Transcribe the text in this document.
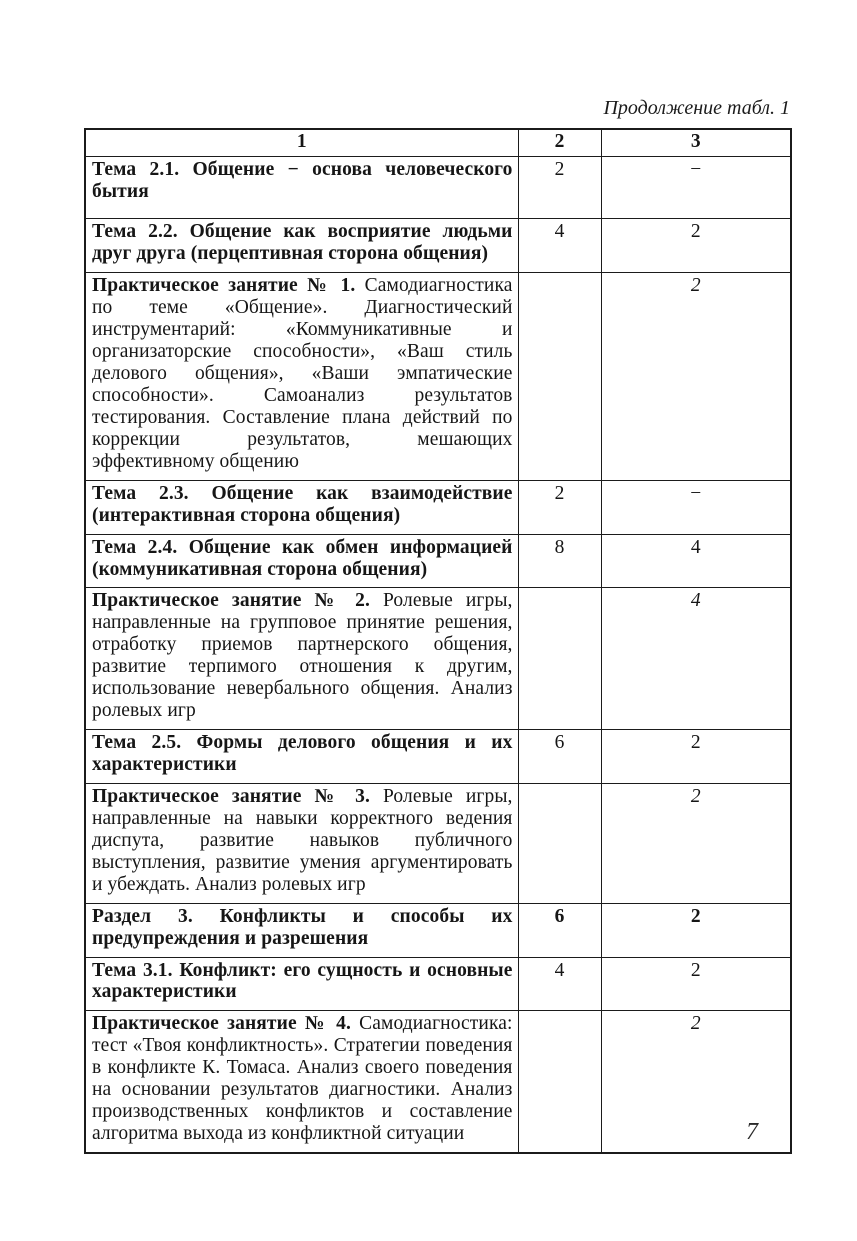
Продолжение табл. 1
1	2	3
Тема 2.1. Общение − основа человеческого бытия	2	−
Тема 2.2. Общение как восприятие людьми друг друга (перцептивная сторона общения)	4	2
Практическое занятие № 1. Самодиагностика по теме «Общение». Диагностический инструментарий: «Коммуникативные и организаторские способности», «Ваш стиль делового общения», «Ваши эмпатические способности». Самоанализ результатов тестирования. Составление плана действий по коррекции результатов, мешающих эффективному общению		2
Тема 2.3. Общение как взаимодействие (интерактивная сторона общения)	2	−
Тема 2.4. Общение как обмен информацией (коммуникативная сторона общения)	8	4
Практическое занятие № 2. Ролевые игры, направленные на групповое принятие решения, отработку приемов партнерского общения, развитие терпимого отношения к другим, использование невербального общения. Анализ ролевых игр		4
Тема 2.5. Формы делового общения и их характеристики	6	2
Практическое занятие № 3. Ролевые игры, направленные на навыки корректного ведения диспута, развитие навыков публичного выступления, развитие умения аргументировать и убеждать. Анализ ролевых игр		2
Раздел 3. Конфликты и способы их предупреждения и разрешения	6	2
Тема 3.1. Конфликт: его сущность и основные характеристики	4	2
Практическое занятие № 4. Самодиагностика: тест «Твоя конфликтность». Стратегии поведения в конфликте К. Томаса. Анализ своего поведения на основании результатов диагностики. Анализ производственных конфликтов и составление алгоритма выхода из конфликтной ситуации		2
7
